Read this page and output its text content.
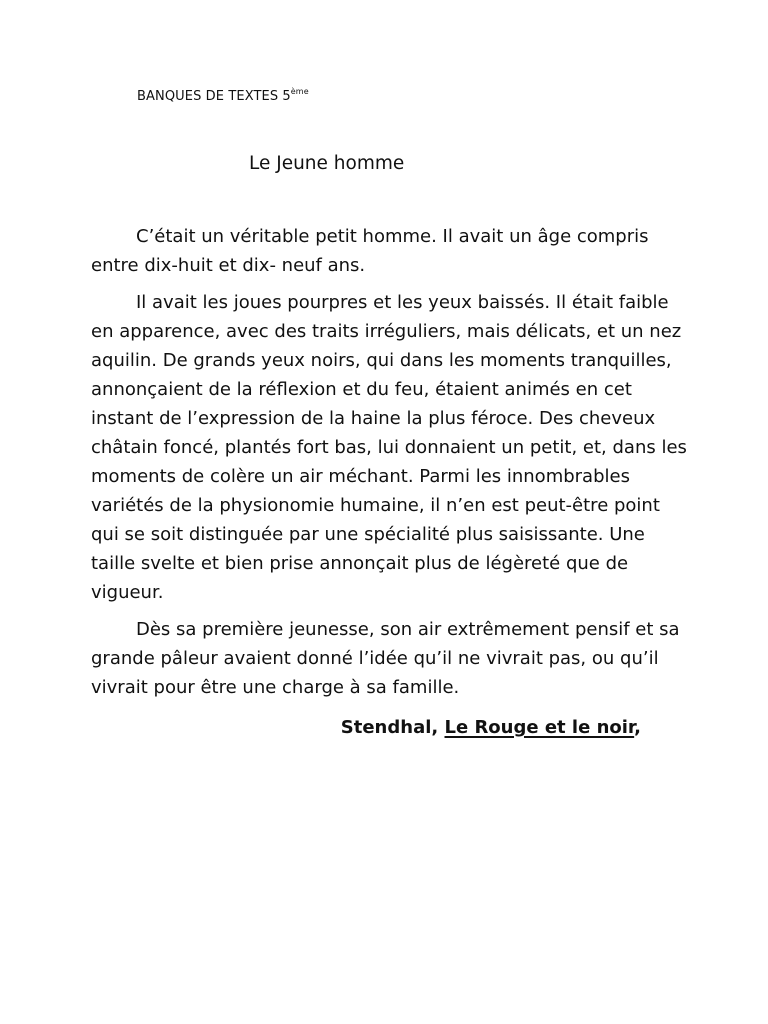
BANQUES DE TEXTES 5ème
Le Jeune homme

C’était un véritable petit homme. Il avait un âge compris entre dix-huit et dix- neuf ans.

Il avait les joues pourpres et les yeux baissés. Il était faible en apparence, avec des traits irréguliers, mais délicats, et un nez aquilin. De grands yeux noirs, qui dans les moments tranquilles, annonçaient de la réflexion et du feu, étaient animés en cet instant de l’expression de la haine la plus féroce. Des cheveux châtain foncé, plantés fort bas, lui donnaient un petit, et, dans les moments de colère un air méchant. Parmi les innombrables variétés de la physionomie humaine, il n’en est peut-être point qui se soit distinguée par une spécialité plus saisissante. Une taille svelte et bien prise annonçait plus de légèreté que de vigueur.

Dès sa première jeunesse, son air extrêmement pensif et sa grande pâleur avaient donné l’idée qu’il ne vivrait pas, ou qu’il vivrait pour être une charge à sa famille.

Stendhal, Le Rouge et le noir,
